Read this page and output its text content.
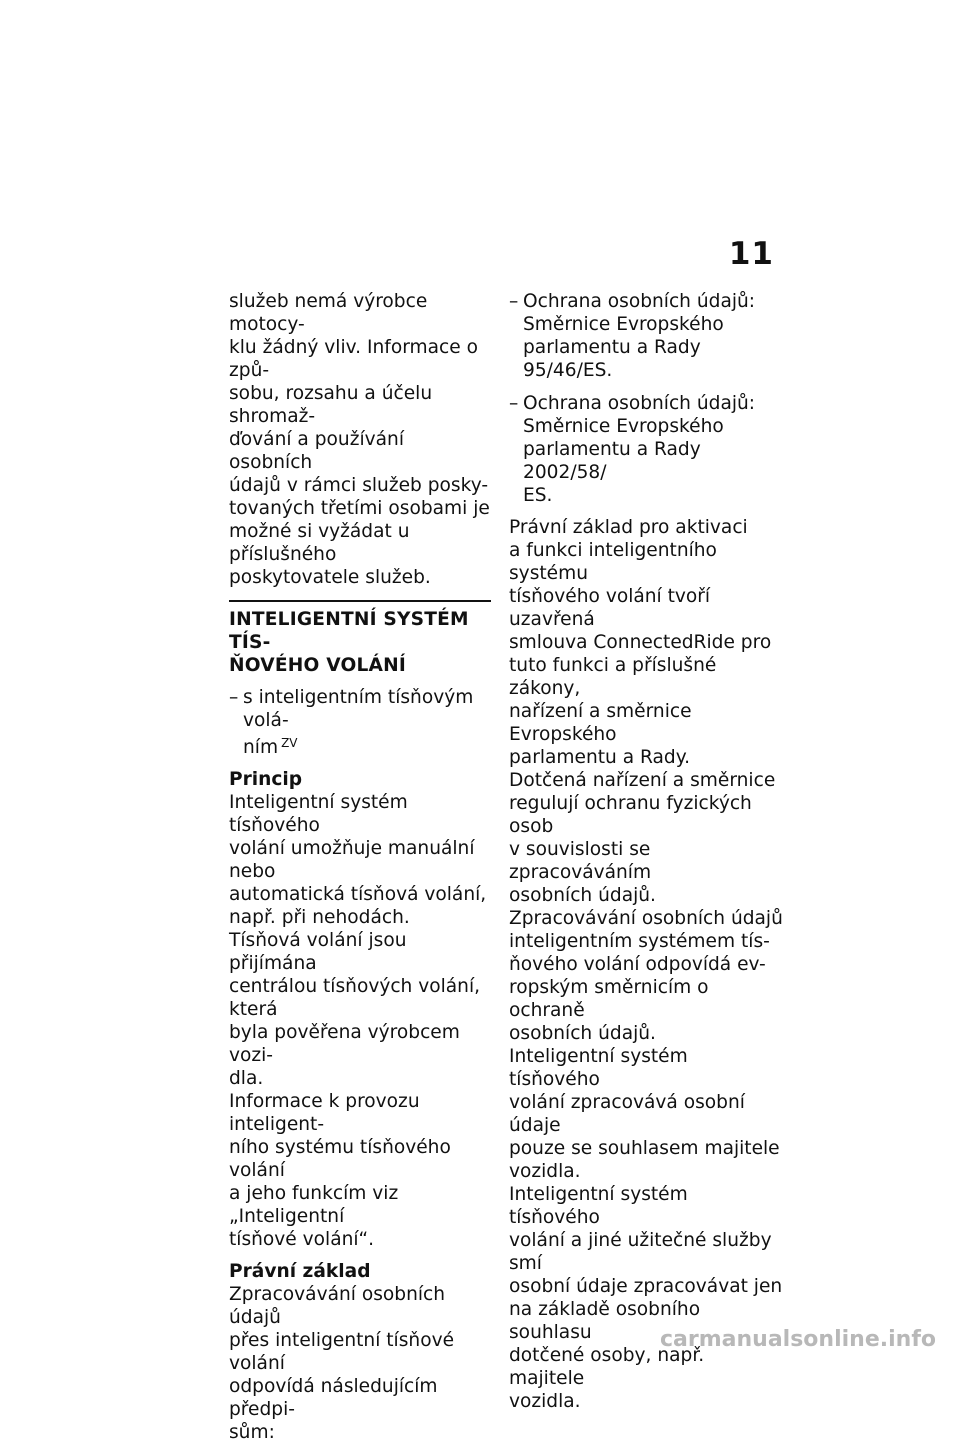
11

služeb nemá výrobce motocy-

klu žádný vliv. Informace o způ-

sobu, rozsahu a účelu shromaž-

ďování a používání osobních

údajů v rámci služeb posky-

tovaných třetími osobami je

možné si vyžádat u příslušného

poskytovatele služeb.

INTELIGENTNÍ SYSTÉM TÍS-

ŇOVÉHO VOLÁNÍ

– s inteligentním tísňovým volá-

ním $^{ZV}$

Princip

Inteligentní systém tísňového

volání umožňuje manuální nebo

automatická tísňová volání,

např. při nehodách.

Tísňová volání jsou přijímána

centrálou tísňových volání, která

byla pověřena výrobcem vozi-

dla.

Informace k provozu inteligent-

ního systému tísňového volání

a jeho funkcím viz „Inteligentní

tísňové volání“.

Právní základ

Zpracovávání osobních údajů

přes inteligentní tísňové volání

odpovídá následujícím předpi-

sům:

– Ochrana osobních údajů:

Směrnice Evropského

parlamentu a Rady 95/46/ES.

– Ochrana osobních údajů:

Směrnice Evropského

parlamentu a Rady 2002/58/

ES.

Právní základ pro aktivaci

a funkci inteligentního systému

tísňového volání tvoří uzavřená

smlouva ConnectedRide pro

tuto funkci a příslušné zákony,

nařízení a směrnice Evropského

parlamentu a Rady.

Dotčená nařízení a směrnice

regulují ochranu fyzických osob

v souvislosti se zpracováváním

osobních údajů.

Zpracovávání osobních údajů

inteligentním systémem tís-

ňového volání odpovídá ev-

ropským směrnicím o ochraně

osobních údajů.

Inteligentní systém tísňového

volání zpracovává osobní údaje

pouze se souhlasem majitele

vozidla.

Inteligentní systém tísňového

volání a jiné užitečné služby smí

osobní údaje zpracovávat jen

na základě osobního souhlasu

dotčené osoby, např. majitele

vozidla.

carmanualsonline.info
